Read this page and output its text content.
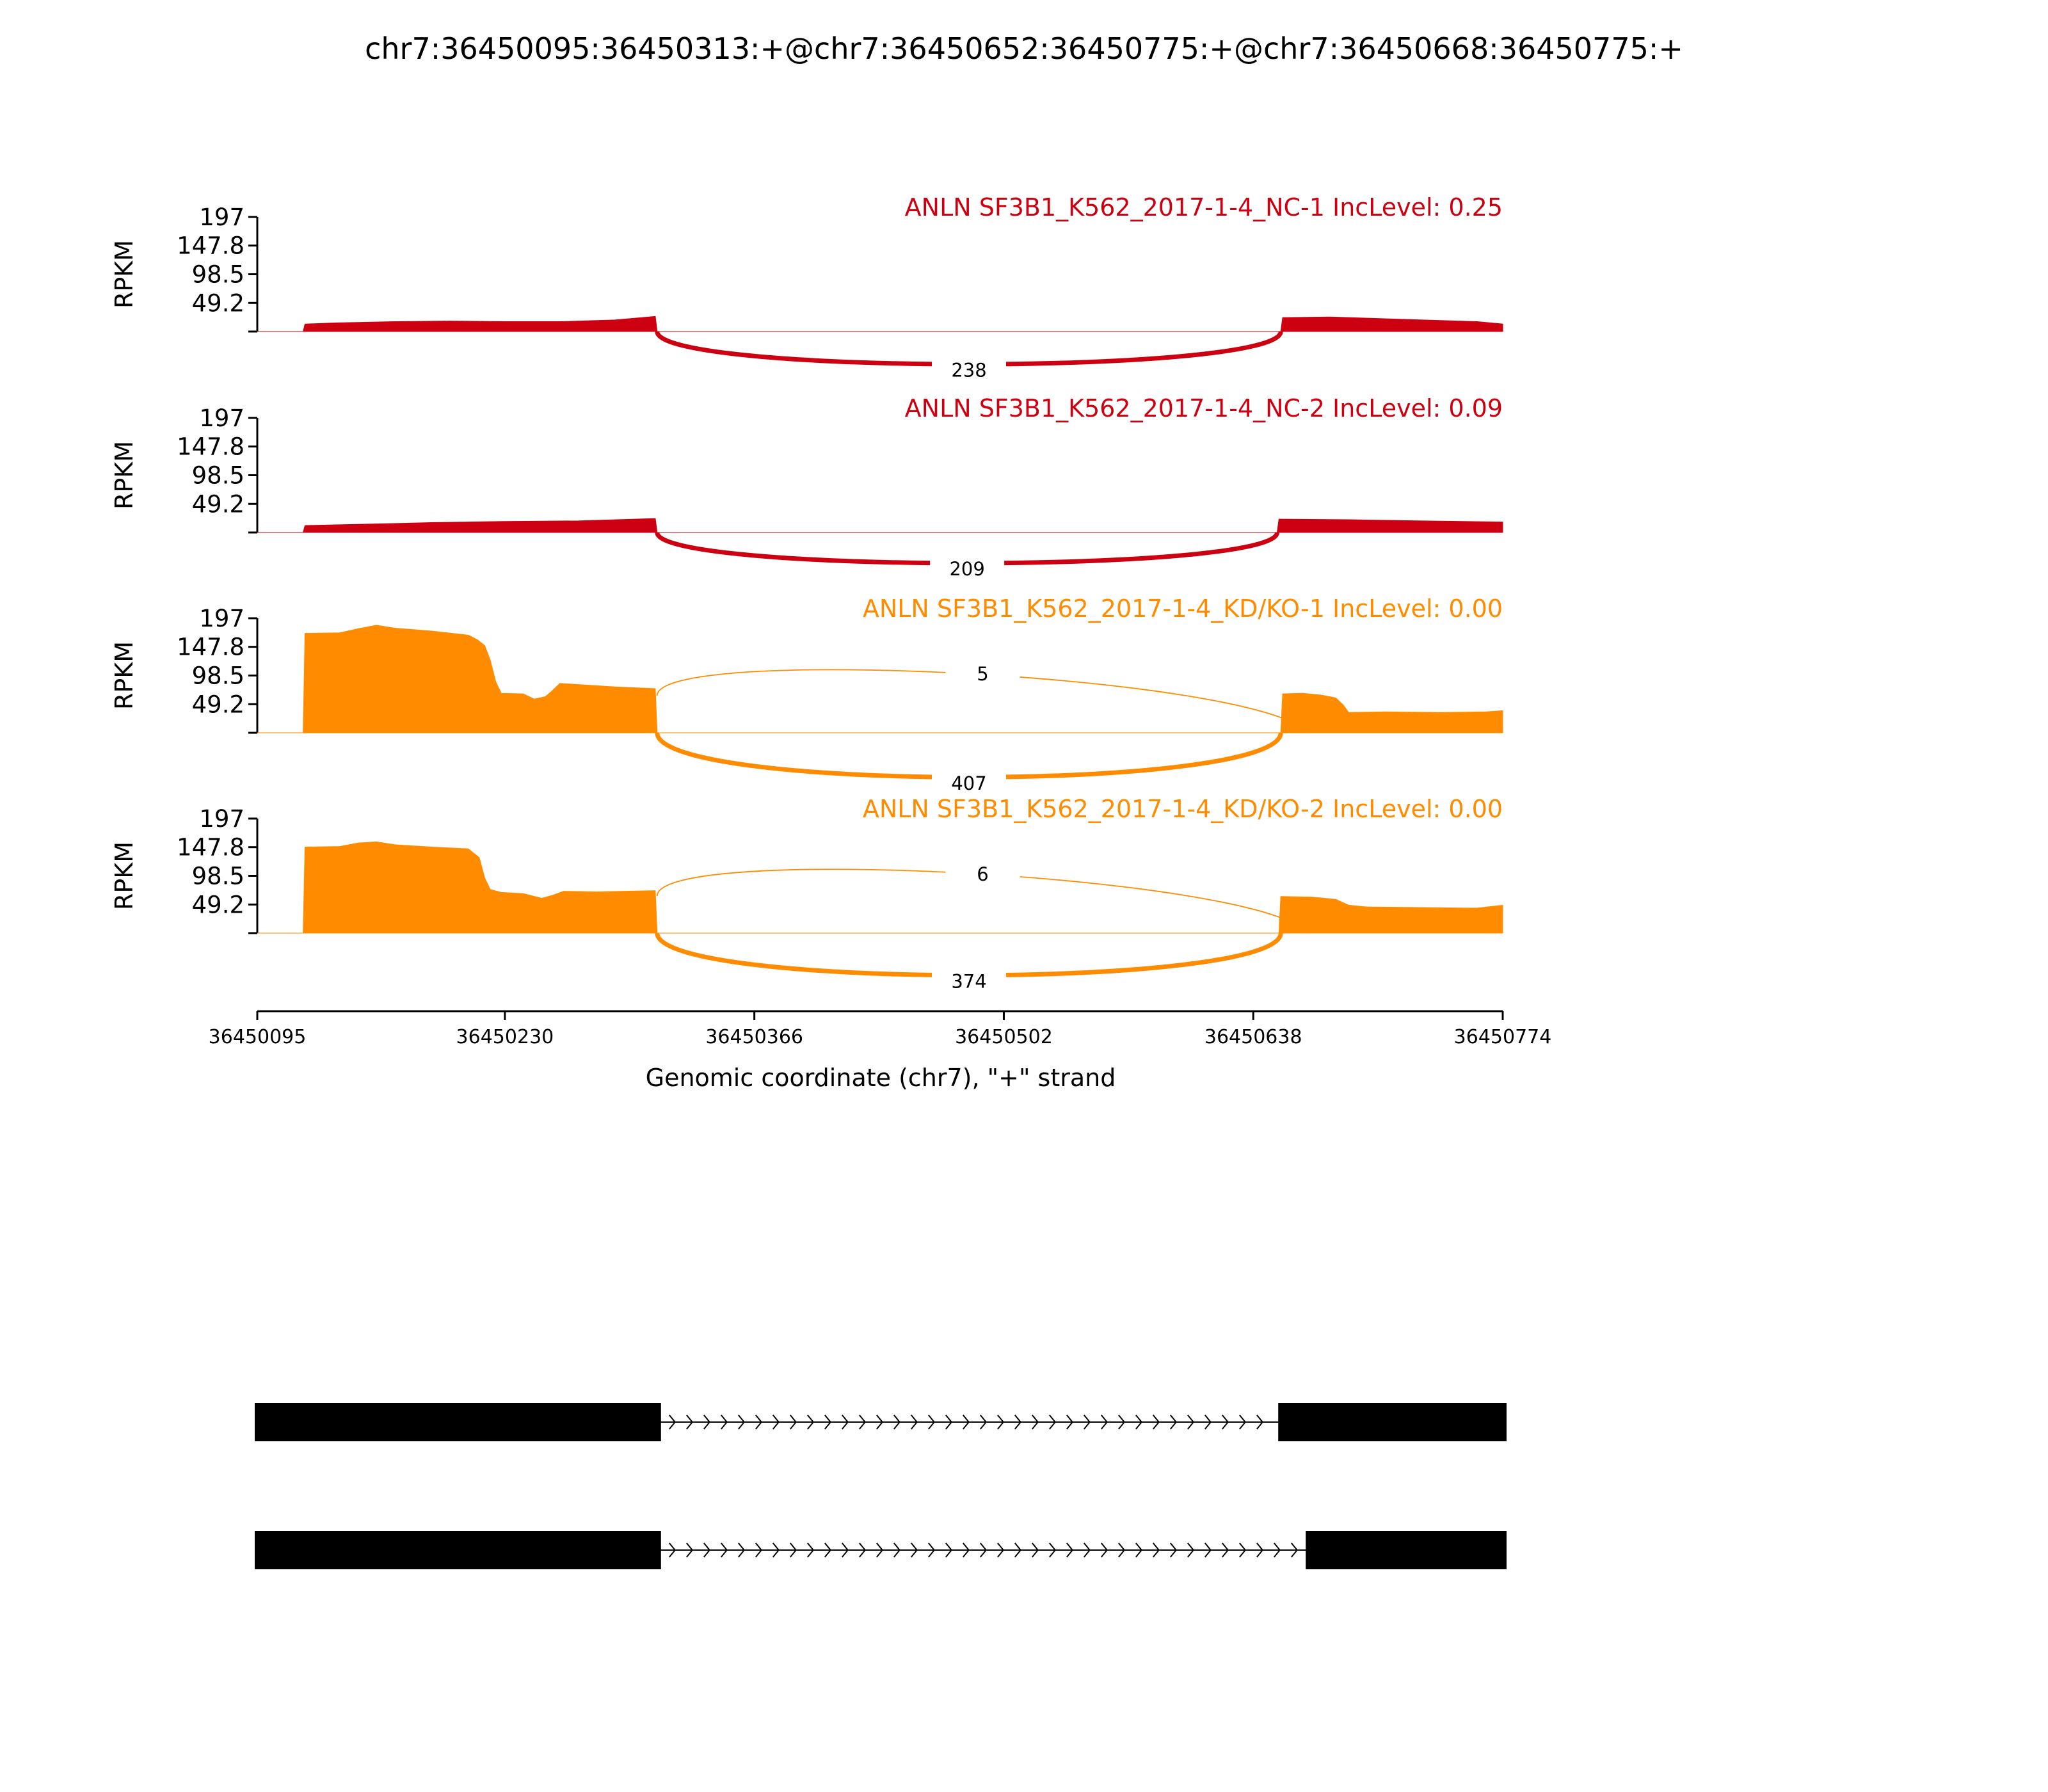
chr7:36450095:36450313:+@chr7:36450652:36450775:+@chr7:36450668:36450775:+
49.2
98.5
147.8
197
RPKM
ANLN SF3B1_K562_2017-1-4_NC-1 IncLevel: 0.25
238
49.2
98.5
147.8
197
RPKM
ANLN SF3B1_K562_2017-1-4_NC-2 IncLevel: 0.09
209
49.2
98.5
147.8
197
RPKM
ANLN SF3B1_K562_2017-1-4_KD/KO-1 IncLevel: 0.00
5
407
49.2
98.5
147.8
197
RPKM
ANLN SF3B1_K562_2017-1-4_KD/KO-2 IncLevel: 0.00
6
374
36450095	36450230	36450366	36450502	36450638	36450774
Genomic coordinate (chr7), "+" strand
